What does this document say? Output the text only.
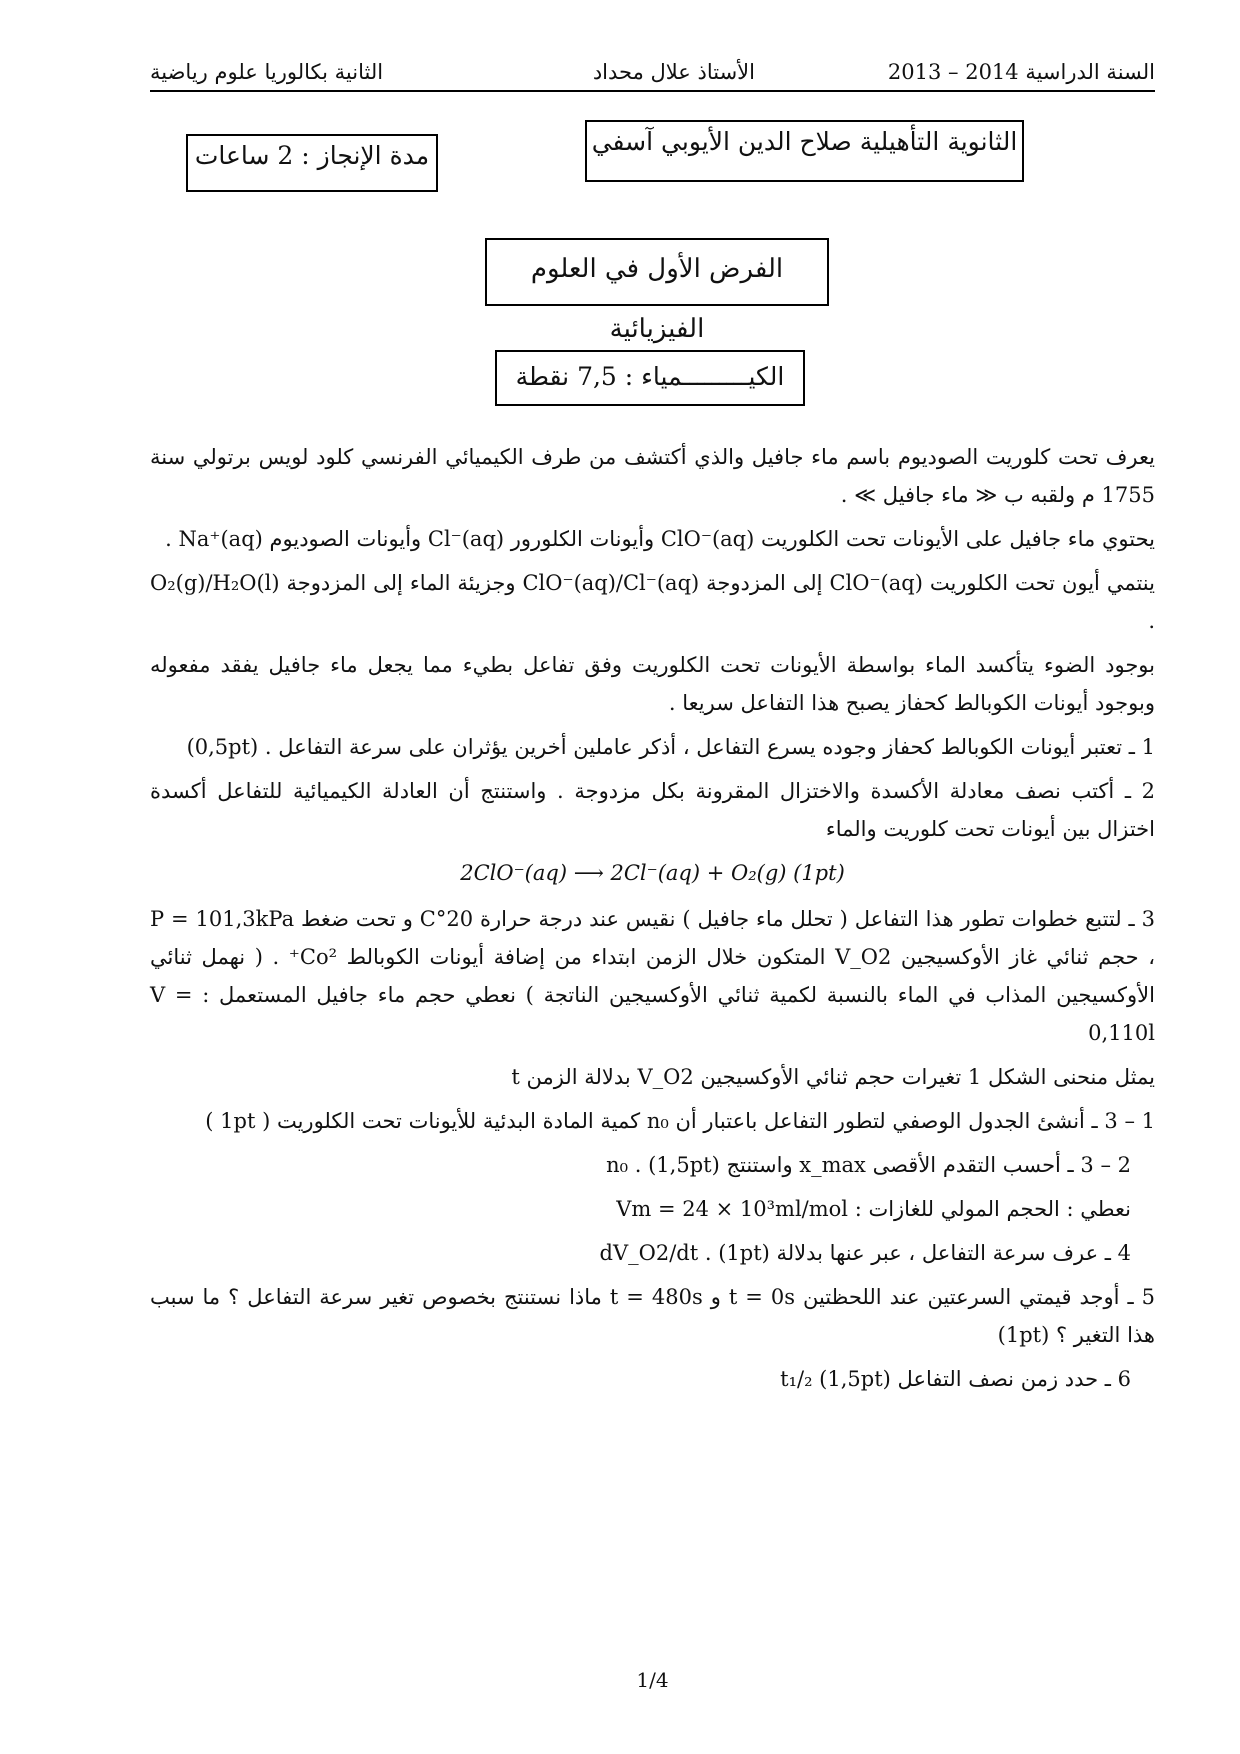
السنة الدراسية 2014 – 2013
الأستاذ علال محداد
الثانية بكالوريا علوم رياضية
الثانوية التأهيلية صلاح الدين الأيوبي آسفي
مدة الإنجاز : 2 ساعات
الفرض الأول في العلوم الفيزيائية
الكيـــــــــمياء : 7,5 نقطة

يعرف تحت كلوريت الصوديوم باسم ماء جافيل والذي أكتشف من طرف الكيميائي الفرنسي كلود لويس برتولي سنة 1755 م ولقبه ب ≪ ماء جافيل ≫ .

يحتوي ماء جافيل على الأيونات تحت الكلوريت ClO⁻(aq) وأيونات الكلورور Cl⁻(aq) وأيونات الصوديوم Na⁺(aq) .

ينتمي أيون تحت الكلوريت ClO⁻(aq) إلى المزدوجة ClO⁻(aq)/Cl⁻(aq) وجزيئة الماء إلى المزدوجة O₂(g)/H₂O(l) .

بوجود الضوء يتأكسد الماء بواسطة الأيونات تحت الكلوريت وفق تفاعل بطيء مما يجعل ماء جافيل يفقد مفعوله وبوجود أيونات الكوبالط كحفاز يصبح هذا التفاعل سريعا .

1 ـ تعتبر أيونات الكوبالط كحفاز وجوده يسرع التفاعل ، أذكر عاملين أخرين يؤثران على سرعة التفاعل . (0,5pt)

2 ـ أكتب نصف معادلة الأكسدة والاختزال المقرونة بكل مزدوجة . واستنتج أن العادلة الكيميائية للتفاعل أكسدة اختزال بين أيونات تحت كلوريت والماء

2ClO⁻(aq) ⟶ 2Cl⁻(aq) + O₂(g) (1pt)

3 ـ لتتبع خطوات تطور هذا التفاعل ( تحلل ماء جافيل ) نقيس عند درجة حرارة 20°C و تحت ضغط P = 101,3kPa ، حجم ثنائي غاز الأوكسيجين V_O2 المتكون خلال الزمن ابتداء من إضافة أيونات الكوبالط Co²⁺ . ( نهمل ثنائي الأوكسيجين المذاب في الماء بالنسبة لكمية ثنائي الأوكسيجين الناتجة ) نعطي حجم ماء جافيل المستعمل : V = 0,110l

يمثل منحنى الشكل 1 تغيرات حجم ثنائي الأوكسيجين V_O2 بدلالة الزمن t

1 – 3 ـ أنشئ الجدول الوصفي لتطور التفاعل باعتبار أن n₀ كمية المادة البدئية للأيونات تحت الكلوريت ( 1pt )

2 – 3 ـ أحسب التقدم الأقصى x_max واستنتج n₀ . (1,5pt)

نعطي : الحجم المولي للغازات : Vm = 24 × 10³ml/mol

4 ـ عرف سرعة التفاعل ، عبر عنها بدلالة dV_O2/dt . (1pt)

5 ـ أوجد قيمتي السرعتين عند اللحظتين t = 0s و t = 480s ماذا نستنتج بخصوص تغير سرعة التفاعل ؟ ما سبب هذا التغير ؟ (1pt)

6 ـ حدد زمن نصف التفاعل t₁/₂ (1,5pt)

1/4
